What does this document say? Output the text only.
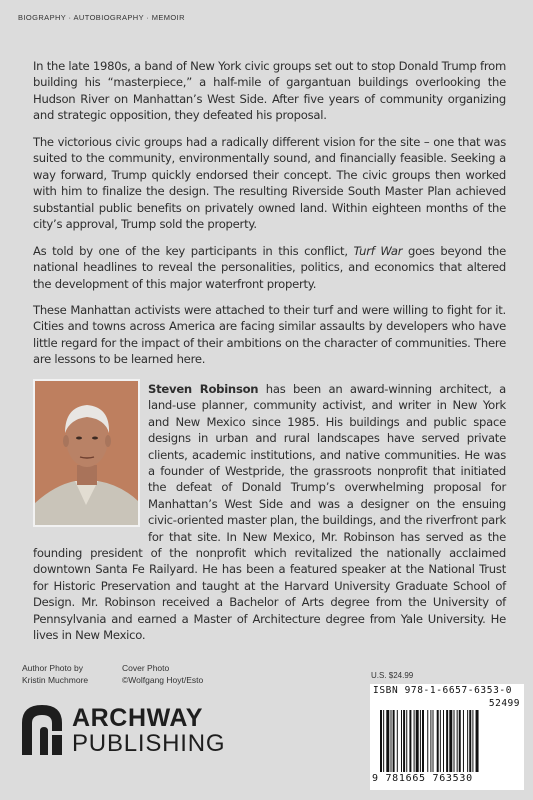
BIOGRAPHY · AUTOBIOGRAPHY · MEMOIR
In the late 1980s, a band of New York civic groups set out to stop Donald Trump from building his “masterpiece,” a half-mile of gargantuan buildings overlooking the Hudson River on Manhattan’s West Side. After five years of community organizing and strategic opposition, they defeated his proposal.
The victorious civic groups had a radically different vision for the site – one that was suited to the community, environmentally sound, and financially feasible. Seeking a way forward, Trump quickly endorsed their concept. The civic groups then worked with him to finalize the design. The resulting Riverside South Master Plan achieved substantial public benefits on privately owned land. Within eighteen months of the city’s approval, Trump sold the property.
As told by one of the key participants in this conflict, Turf War goes beyond the national headlines to reveal the personalities, politics, and economics that altered the development of this major waterfront property.
These Manhattan activists were attached to their turf and were willing to fight for it. Cities and towns across America are facing similar assaults by developers who have little regard for the impact of their ambitions on the character of communities. There are lessons to be learned here.
Steven Robinson has been an award-winning architect, a land-use planner, community activist, and writer in New York and New Mexico since 1985. His buildings and public space designs in urban and rural landscapes have served private clients, academic institutions, and native communities. He was a founder of Westpride, the grassroots nonprofit that initiated the defeat of Donald Trump’s overwhelming proposal for Manhattan’s West Side and was a designer on the ensuing civic-oriented master plan, the buildings, and the riverfront park for that site. In New Mexico, Mr. Robinson has served as the founding president of the nonprofit which revitalized the nationally acclaimed downtown Santa Fe Railyard. He has been a featured speaker at the National Trust for Historic Preservation and taught at the Harvard University Graduate School of Design. Mr. Robinson received a Bachelor of Arts degree from the University of Pennsylvania and earned a Master of Architecture degree from Yale University. He lives in New Mexico.
Author Photo by
Kristin Muchmore
Cover Photo
©Wolfgang Hoyt/Esto
ARCHWAY
PUBLISHING
U.S. $24.99
ISBN 978-1-6657-6353-0
52499
9 781665 763530
